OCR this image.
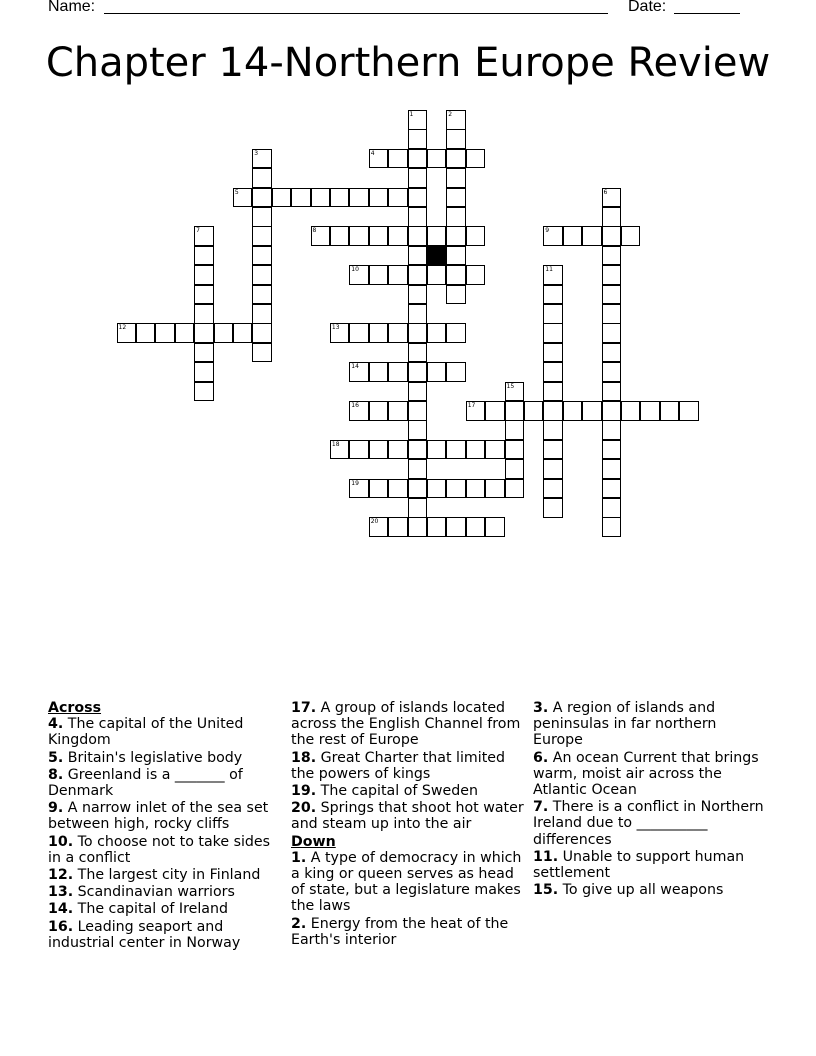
Name:	Date:
Chapter 14-Northern Europe Review
1	2
3	4
5	6
7	8	9
10	11
12	13
14
15
16	17
18
19
20
Across
4. The capital of the United Kingdom
5. Britain's legislative body
8. Greenland is a _______ of Denmark
9. A narrow inlet of the sea set between high, rocky cliffs
10. To choose not to take sides in a conflict
12. The largest city in Finland
13. Scandinavian warriors
14. The capital of Ireland
16. Leading seaport and industrial center in Norway
17. A group of islands located across the English Channel from the rest of Europe
18. Great Charter that limited the powers of kings
19. The capital of Sweden
20. Springs that shoot hot water and steam up into the air
Down
1. A type of democracy in which a king or queen serves as head of state, but a legislature makes the laws
2. Energy from the heat of the Earth's interior
3. A region of islands and peninsulas in far northern Europe
6. An ocean Current that brings warm, moist air across the Atlantic Ocean
7. There is a conflict in Northern Ireland due to __________ differences
11. Unable to support human settlement
15. To give up all weapons
